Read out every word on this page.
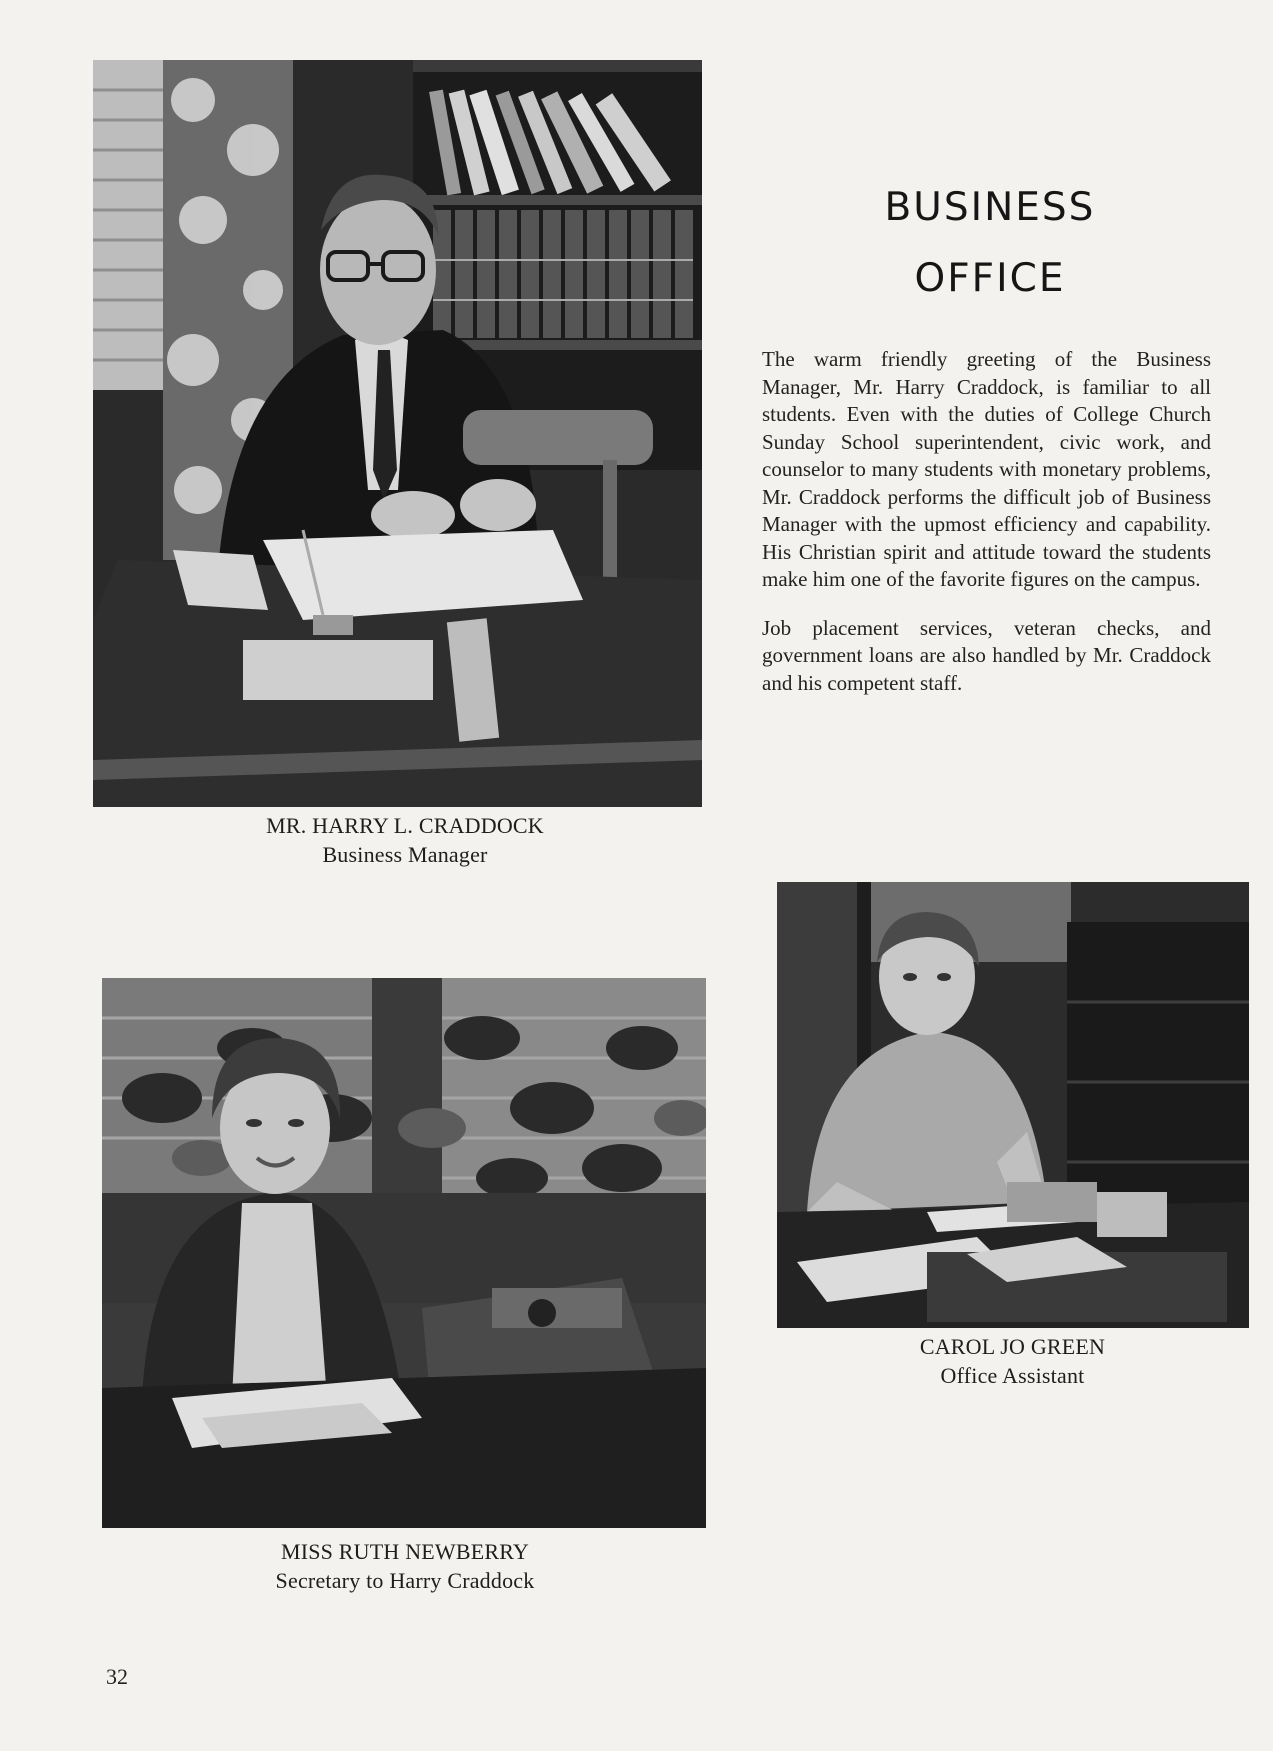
MR. HARRY L. CRADDOCK
Business Manager
BUSINESS
OFFICE

The warm friendly greeting of the Business Manager, Mr. Harry Craddock, is familiar to all students. Even with the duties of College Church Sunday School superintendent, civic work, and counselor to many students with monetary problems, Mr. Craddock performs the difficult job of Business Manager with the upmost efficiency and capability. His Christian spirit and attitude toward the students make him one of the favorite figures on the campus.

Job placement services, veteran checks, and government loans are also handled by Mr. Craddock and his competent staff.

CAROL JO GREEN
Office Assistant
MISS RUTH NEWBERRY
Secretary to Harry Craddock
32
